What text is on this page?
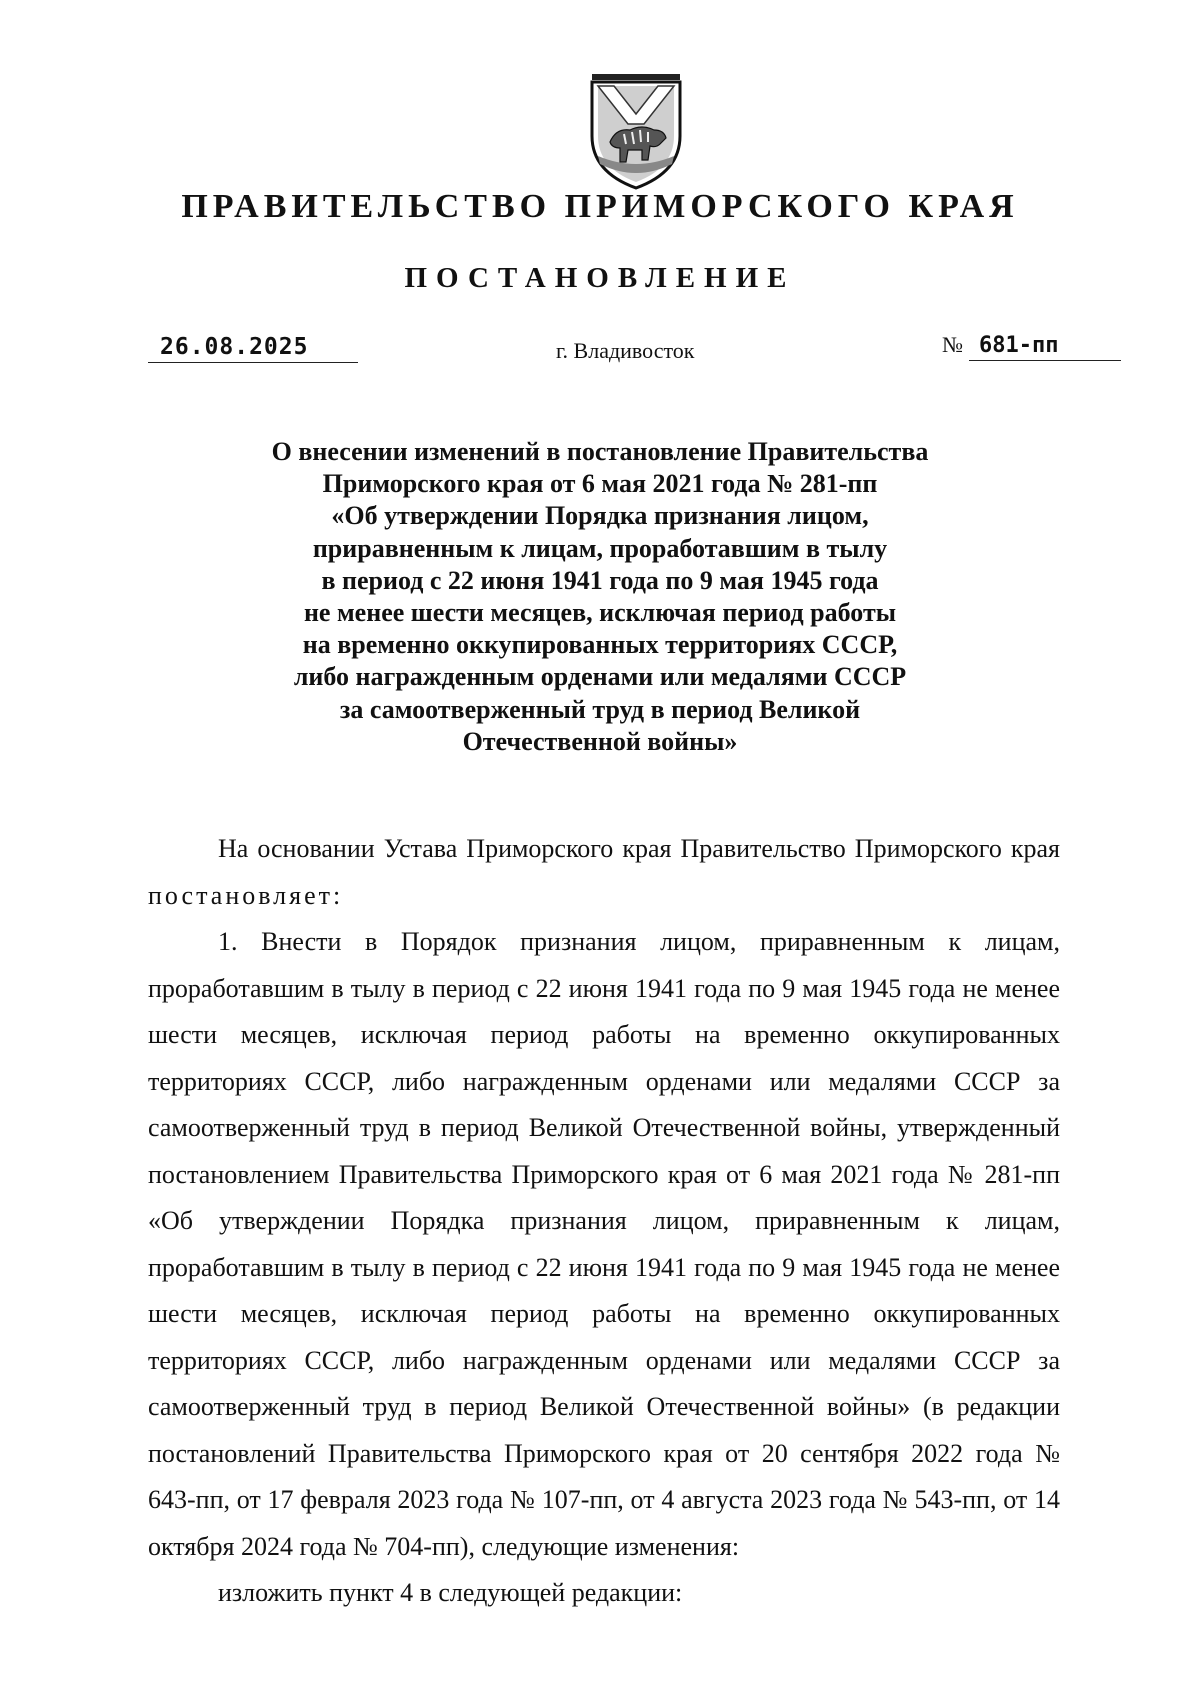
ПРАВИТЕЛЬСТВО ПРИМОРСКОГО КРАЯ
ПОСТАНОВЛЕНИЕ
26.08.2025	г. Владивосток	№ 681-пп
О внесении изменений в постановление Правительства
Приморского края от 6 мая 2021 года № 281-пп
«Об утверждении Порядка признания лицом,
приравненным к лицам, проработавшим в тылу
в период с 22 июня 1941 года по 9 мая 1945 года
не менее шести месяцев, исключая период работы
на временно оккупированных территориях СССР,
либо награжденным орденами или медалями СССР
за самоотверженный труд в период Великой
Отечественной войны»

На основании Устава Приморского края Правительство Приморского края постановляет:

1. Внести в Порядок признания лицом, приравненным к лицам, проработавшим в тылу в период с 22 июня 1941 года по 9 мая 1945 года не менее шести месяцев, исключая период работы на временно оккупированных территориях СССР, либо награжденным орденами или медалями СССР за самоотверженный труд в период Великой Отечественной войны, утвержденный постановлением Правительства Приморского края от 6 мая 2021 года № 281-пп «Об утверждении Порядка признания лицом, приравненным к лицам, проработавшим в тылу в период с 22 июня 1941 года по 9 мая 1945 года не менее шести месяцев, исключая период работы на временно оккупированных территориях СССР, либо награжденным орденами или медалями СССР за самоотверженный труд в период Великой Отечественной войны» (в редакции постановлений Правительства Приморского края от 20 сентября 2022 года № 643-пп, от 17 февраля 2023 года № 107-пп, от 4 августа 2023 года № 543-пп, от 14 октября 2024 года № 704-пп), следующие изменения:

изложить пункт 4 в следующей редакции:
